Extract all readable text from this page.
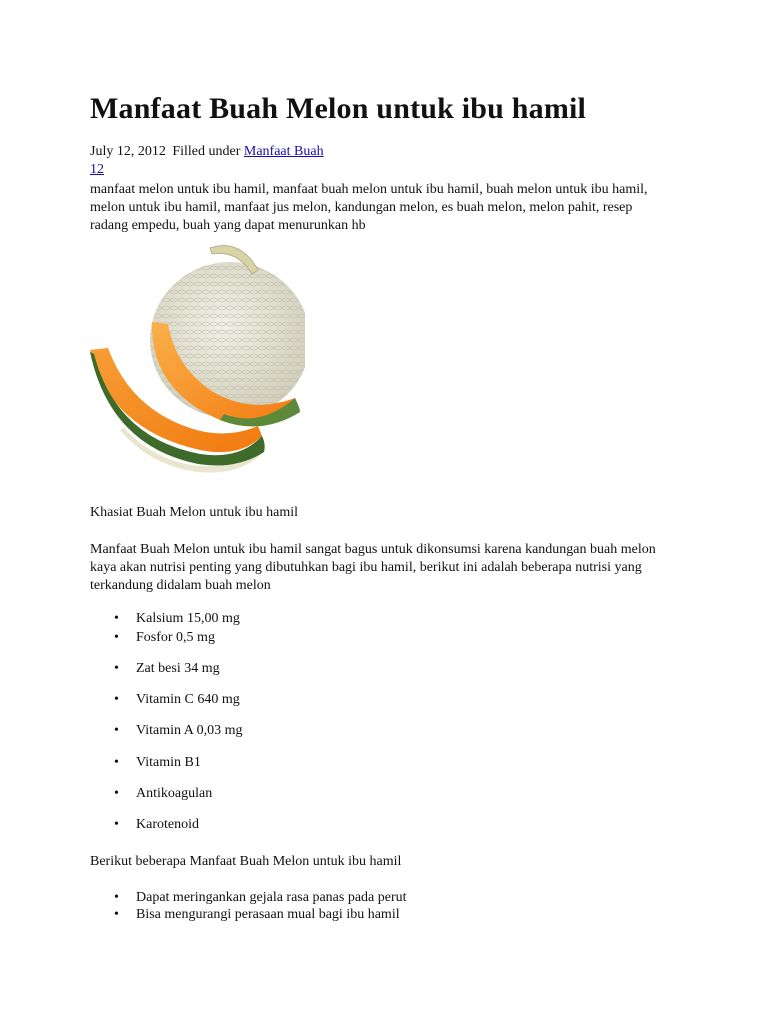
Manfaat Buah Melon untuk ibu hamil
July 12, 2012 Filled under Manfaat Buah
12
manfaat melon untuk ibu hamil, manfaat buah melon untuk ibu hamil, buah melon untuk ibu hamil, melon untuk ibu hamil, manfaat jus melon, kandungan melon, es buah melon, melon pahit, resep radang empedu, buah yang dapat menurunkan hb
Khasiat Buah Melon untuk ibu hamil
Manfaat Buah Melon untuk ibu hamil sangat bagus untuk dikonsumsi karena kandungan buah melon kaya akan nutrisi penting yang dibutuhkan bagi ibu hamil, berikut ini adalah beberapa nutrisi yang terkandung didalam buah melon
• Kalsium 15,00 mg
• Fosfor 0,5 mg
• Zat besi 34 mg
• Vitamin C 640 mg
• Vitamin A 0,03 mg
• Vitamin B1
• Antikoagulan
• Karotenoid
Berikut beberapa Manfaat Buah Melon untuk ibu hamil
• Dapat meringankan gejala rasa panas pada perut
• Bisa mengurangi perasaan mual bagi ibu hamil
